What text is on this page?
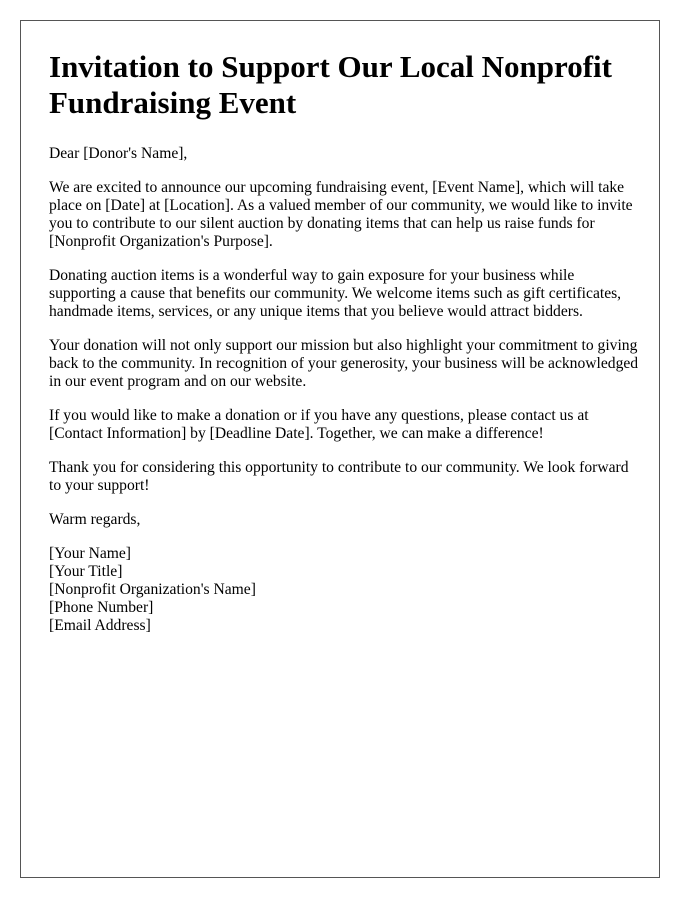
Invitation to Support Our Local Nonprofit Fundraising Event

Dear [Donor's Name],

We are excited to announce our upcoming fundraising event, [Event Name], which will take place on [Date] at [Location]. As a valued member of our community, we would like to invite you to contribute to our silent auction by donating items that can help us raise funds for [Nonprofit Organization's Purpose].

Donating auction items is a wonderful way to gain exposure for your business while supporting a cause that benefits our community. We welcome items such as gift certificates, handmade items, services, or any unique items that you believe would attract bidders.

Your donation will not only support our mission but also highlight your commitment to giving back to the community. In recognition of your generosity, your business will be acknowledged in our event program and on our website.

If you would like to make a donation or if you have any questions, please contact us at [Contact Information] by [Deadline Date]. Together, we can make a difference!

Thank you for considering this opportunity to contribute to our community. We look forward to your support!

Warm regards,

[Your Name]
[Your Title]
[Nonprofit Organization's Name]
[Phone Number]
[Email Address]
